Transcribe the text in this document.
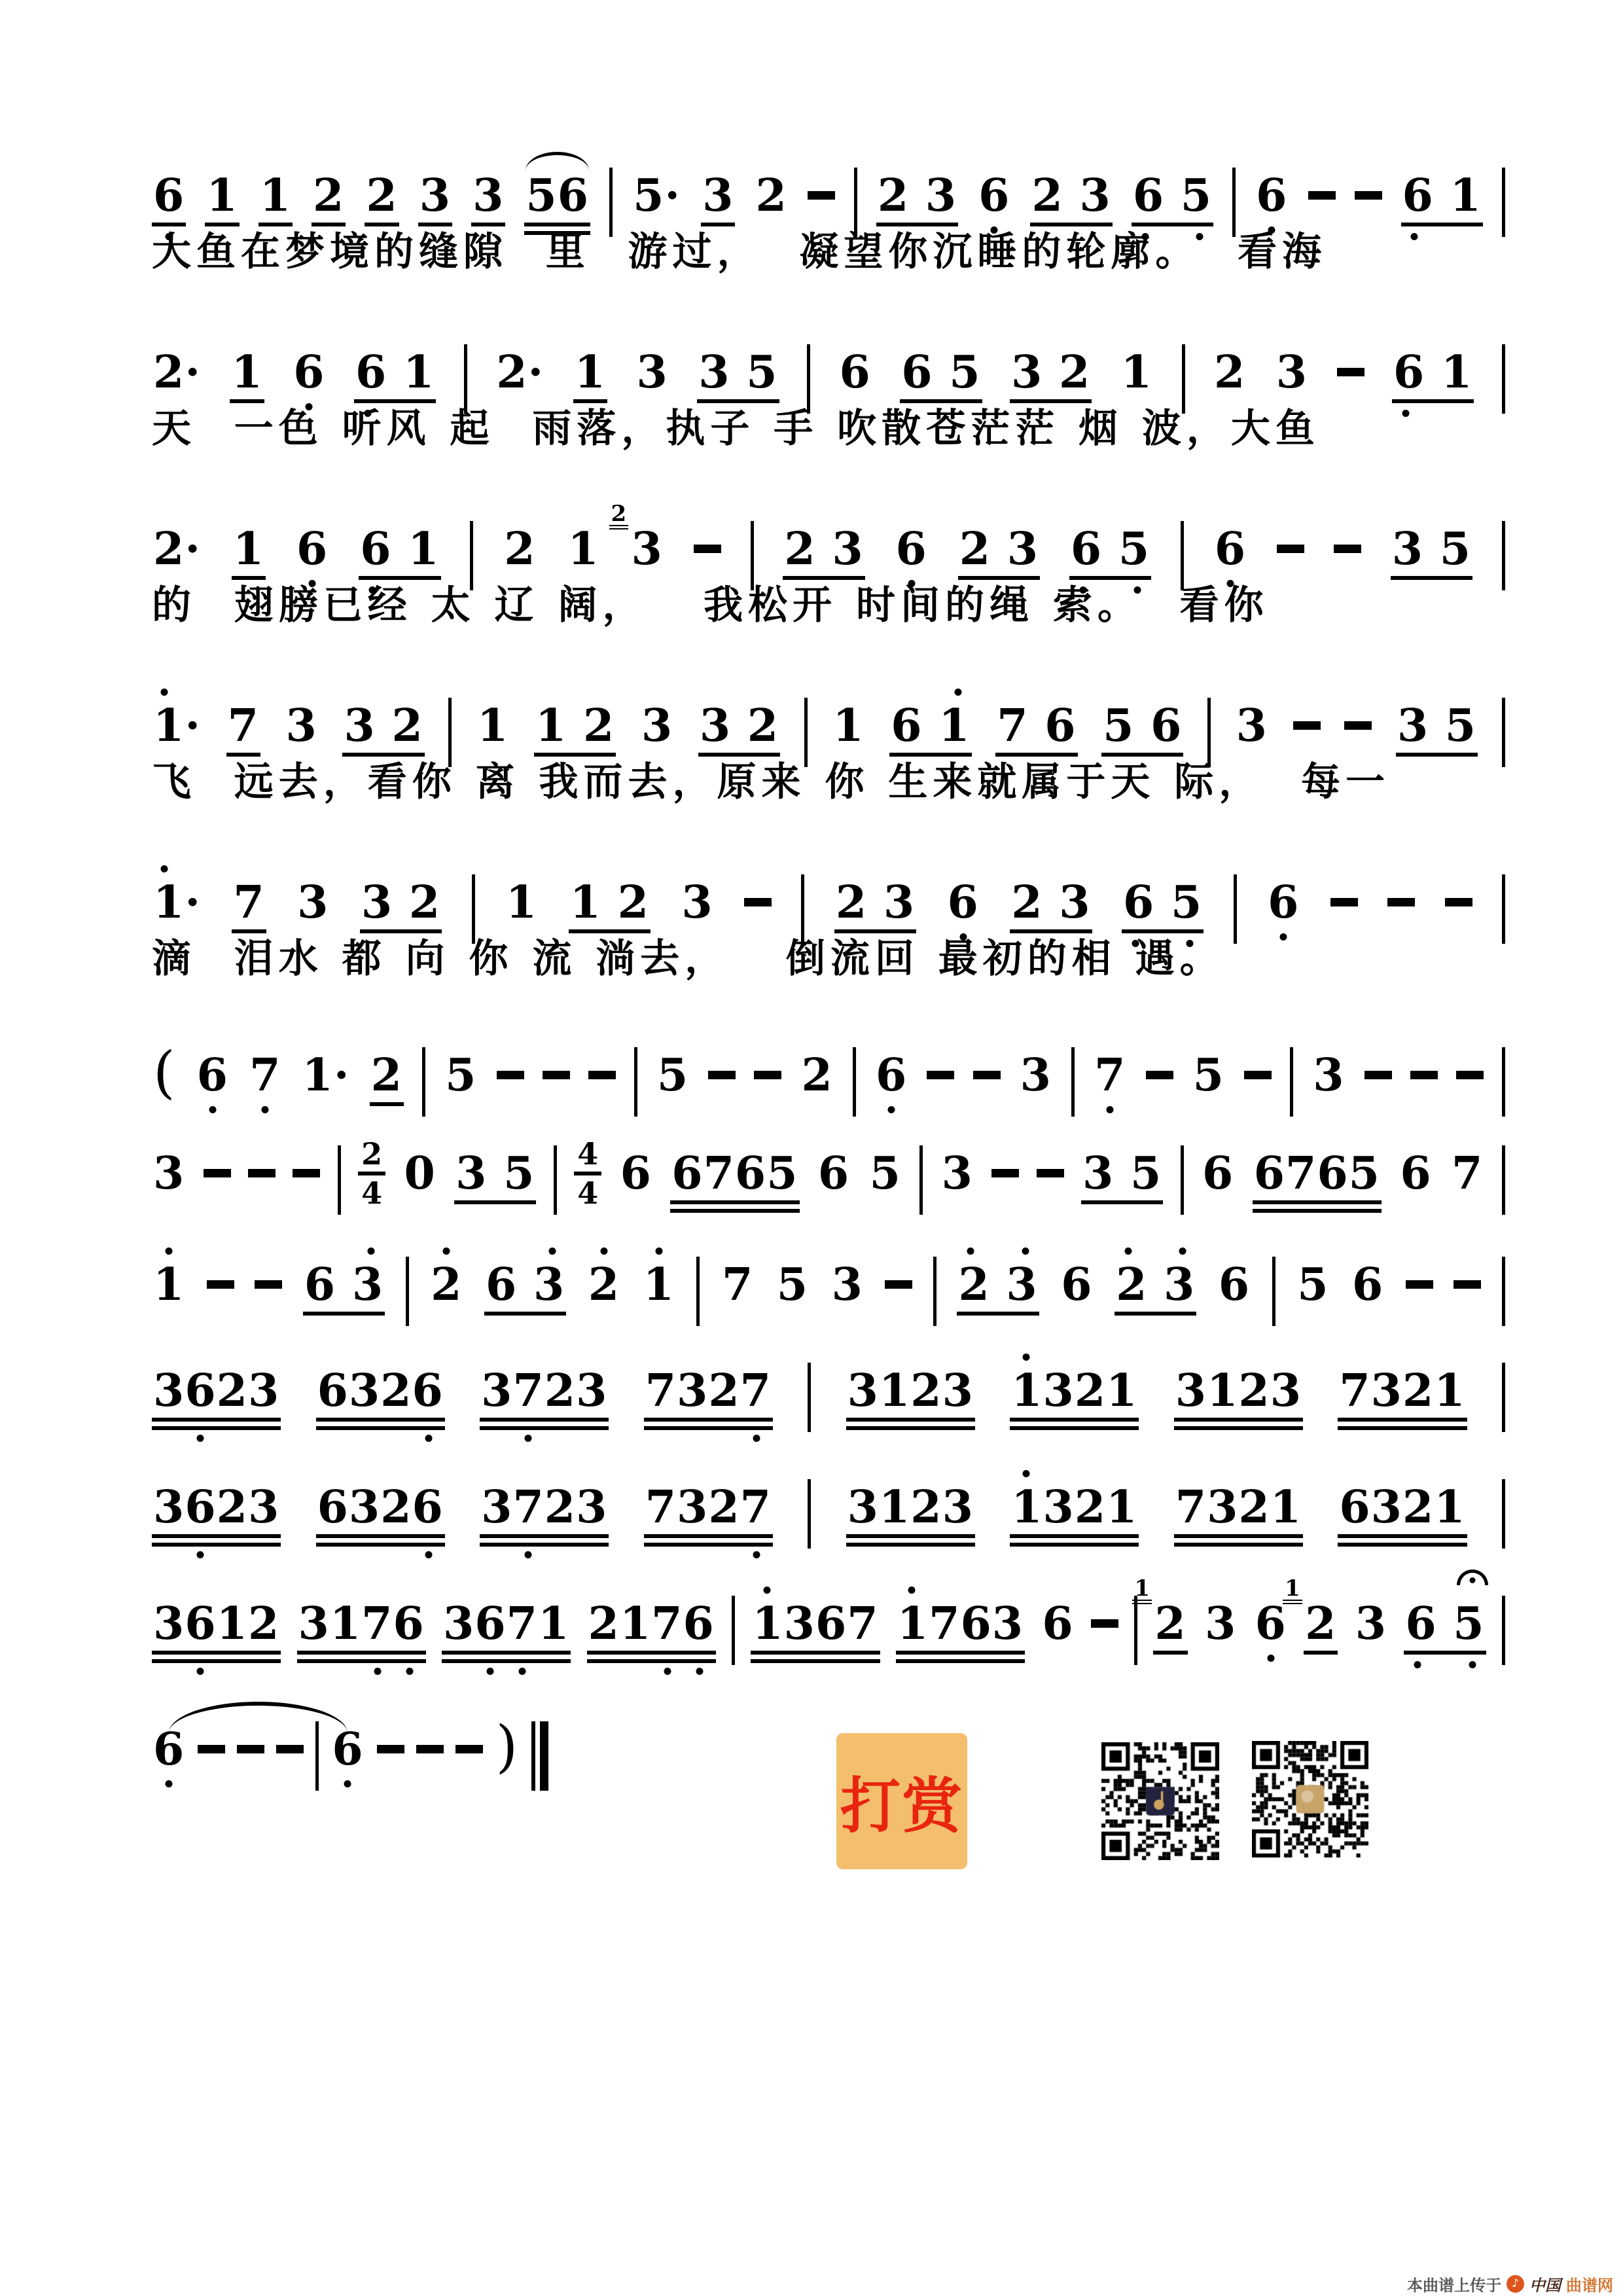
6 1 1 2 2 3 3 56 5· 3 2 2 3 6 2 3 6 5 6	6 1
大鱼在梦境的缝隙  里  游过，  凝望你沉睡的轮廓。  看海
2· 1 6 6 1 2· 1 3 3 5 6 6 5 3 2 1 2 3 6 1
天  一色 听风 起  雨落，执子 手 吹散苍茫茫 烟 波，大鱼
2· 1 6 6 1 2 1 3
2
2 3 6 2 3 6 5 6	3 5
的  翅膀已经 太 辽 阔，   我松开 时间的绳 索。  看你
1· 7 3 3 2 1 1 2 3 3 2 1 6 1 7 6 5 6 3	3 5
飞  远去，看你 离 我而去，原来 你 生来就属于天 际，  每一
1· 7 3 3 2 1 1 2 3	2 3 6 2 3 6 5 6
滴  泪水 都 向 你 流 淌去，   倒流回 最初的相 遇。
( 6 7 1· 2 5	5	2 6	3 7 5 3
3	2
4 0 3 5 4
4 6 6765 6 5 3 3 5 6 6765 6 7
1	6 3 2 6 3 2 1 7 5 3 2 3 6 2 3 6 5 6
3623 6326 3723 7327 3123 1321 3123 7321
3623 6326 3723 7327 3123 1321 7321 6321
3612 3176 3671 2176 1367 1763 6 2
1
3 6 2
1
3 6 5
6	6 )
打赏
本曲谱上传于 ♪ 中国 曲谱网
